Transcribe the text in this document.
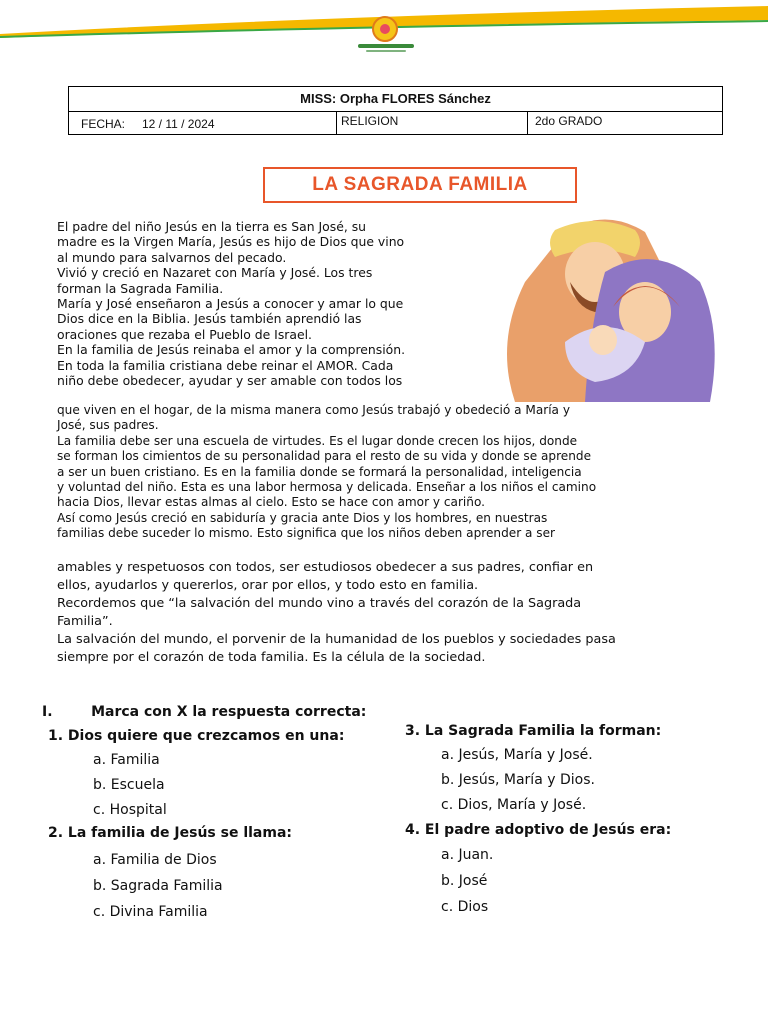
MISS: Orpha FLORES Sánchez
FECHA: 12 / 11 / 2024	RELIGION	2do GRADO
LA SAGRADA FAMILIA
El padre del niño Jesús en la tierra es San José, su
madre es la Virgen María, Jesús es hijo de Dios que vino
al mundo para salvarnos del pecado.
Vivió y creció en Nazaret con María y José. Los tres
forman la Sagrada Familia.
María y José enseñaron a Jesús a conocer y amar lo que
Dios dice en la Biblia. Jesús también aprendió las
oraciones que rezaba el Pueblo de Israel.
En la familia de Jesús reinaba el amor y la comprensión.
En toda la familia cristiana debe reinar el AMOR. Cada
niño debe obedecer, ayudar y ser amable con todos los
que viven en el hogar, de la misma manera como Jesús trabajó y obedeció a María y
José, sus padres.
La familia debe ser una escuela de virtudes. Es el lugar donde crecen los hijos, donde
se forman los cimientos de su personalidad para el resto de su vida y donde se aprende
a ser un buen cristiano. Es en la familia donde se formará la personalidad, inteligencia
y voluntad del niño. Esta es una labor hermosa y delicada. Enseñar a los niños el camino
hacia Dios, llevar estas almas al cielo. Esto se hace con amor y cariño.
Así como Jesús creció en sabiduría y gracia ante Dios y los hombres, en nuestras
familias debe suceder lo mismo. Esto significa que los niños deben aprender a ser
amables y respetuosos con todos, ser estudiosos obedecer a sus padres, confiar en
ellos, ayudarlos y quererlos, orar por ellos, y todo esto en familia.
Recordemos que “la salvación del mundo vino a través del corazón de la Sagrada
Familia”.
La salvación del mundo, el porvenir de la humanidad de los pueblos y sociedades pasa
siempre por el corazón de toda familia. Es la célula de la sociedad.
I.	Marca con X la respuesta correcta:
1. Dios quiere que crezcamos en una:
a. Familia
b. Escuela
c. Hospital
2. La familia de Jesús se llama:
a. Familia de Dios
b. Sagrada Familia
c. Divina Familia
3. La Sagrada Familia la forman:
a. Jesús, María y José.
b. Jesús, María y Dios.
c. Dios, María y José.
4. El padre adoptivo de Jesús era:
a. Juan.
b. José
c. Dios
